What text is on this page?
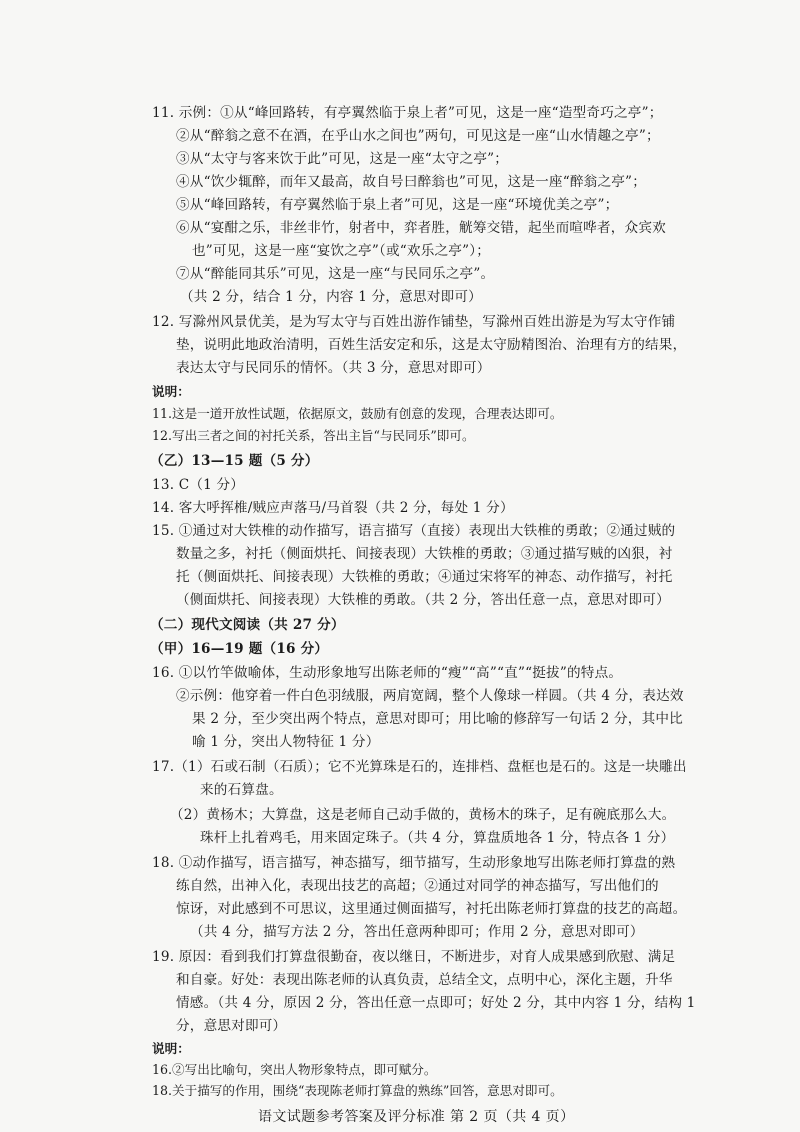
11. 示例：①从“峰回路转，有亭翼然临于泉上者”可见，这是一座“造型奇巧之亭”；
②从“醉翁之意不在酒，在乎山水之间也”两句，可见这是一座“山水情趣之亭”；
③从“太守与客来饮于此”可见，这是一座“太守之亭”；
④从“饮少辄醉，而年又最高，故自号曰醉翁也”可见，这是一座“醉翁之亭”；
⑤从“峰回路转，有亭翼然临于泉上者”可见，这是一座“环境优美之亭”；
⑥从“宴酣之乐，非丝非竹，射者中，弈者胜，觥筹交错，起坐而喧哗者，众宾欢
也”可见，这是一座“宴饮之亭”（或“欢乐之亭”）；
⑦从“醉能同其乐”可见，这是一座“与民同乐之亭”。
（共 2 分，结合 1 分，内容 1 分，意思对即可）
12. 写滁州风景优美，是为写太守与百姓出游作铺垫，写滁州百姓出游是为写太守作铺
垫，说明此地政治清明，百姓生活安定和乐，这是太守励精图治、治理有方的结果，
表达太守与民同乐的情怀。（共 3 分，意思对即可）
说明：
11.这是一道开放性试题，依据原文，鼓励有创意的发现，合理表达即可。
12.写出三者之间的衬托关系，答出主旨“与民同乐”即可。
（乙）13—15 题（5 分）
13. C（1 分）
14. 客大呼挥椎/贼应声落马/马首裂（共 2 分，每处 1 分）
15. ①通过对大铁椎的动作描写，语言描写（直接）表现出大铁椎的勇敢；②通过贼的
数量之多，衬托（侧面烘托、间接表现）大铁椎的勇敢；③通过描写贼的凶狠，衬
托（侧面烘托、间接表现）大铁椎的勇敢；④通过宋将军的神态、动作描写，衬托
（侧面烘托、间接表现）大铁椎的勇敢。（共 2 分，答出任意一点，意思对即可）
（二）现代文阅读（共 27 分）
（甲）16—19 题（16 分）
16. ①以竹竿做喻体，生动形象地写出陈老师的“瘦”“高”“直”“挺拔”的特点。
②示例：他穿着一件白色羽绒服，两肩宽阔，整个人像球一样圆。（共 4 分，表达效
果 2 分，至少突出两个特点，意思对即可；用比喻的修辞写一句话 2 分，其中比
喻 1 分，突出人物特征 1 分）
17.（1）石或石制（石质）；它不光算珠是石的，连排档、盘框也是石的。这是一块雕出
来的石算盘。
（2）黄杨木；大算盘，这是老师自己动手做的，黄杨木的珠子，足有碗底那么大。
珠杆上扎着鸡毛，用来固定珠子。（共 4 分，算盘质地各 1 分，特点各 1 分）
18. ①动作描写，语言描写，神态描写，细节描写，生动形象地写出陈老师打算盘的熟
练自然，出神入化，表现出技艺的高超；②通过对同学的神态描写，写出他们的
惊讶，对此感到不可思议，这里通过侧面描写，衬托出陈老师打算盘的技艺的高超。
（共 4 分，描写方法 2 分，答出任意两种即可；作用 2 分，意思对即可）
19. 原因：看到我们打算盘很勤奋，夜以继日，不断进步，对育人成果感到欣慰、满足
和自豪。好处：表现出陈老师的认真负责，总结全文，点明中心，深化主题，升华
情感。（共 4 分，原因 2 分，答出任意一点即可；好处 2 分，其中内容 1 分，结构 1
分，意思对即可）
说明：
16.②写出比喻句，突出人物形象特点，即可赋分。
18.关于描写的作用，围绕“表现陈老师打算盘的熟练”回答，意思对即可。
语文试题参考答案及评分标准 第 2 页（共 4 页）
